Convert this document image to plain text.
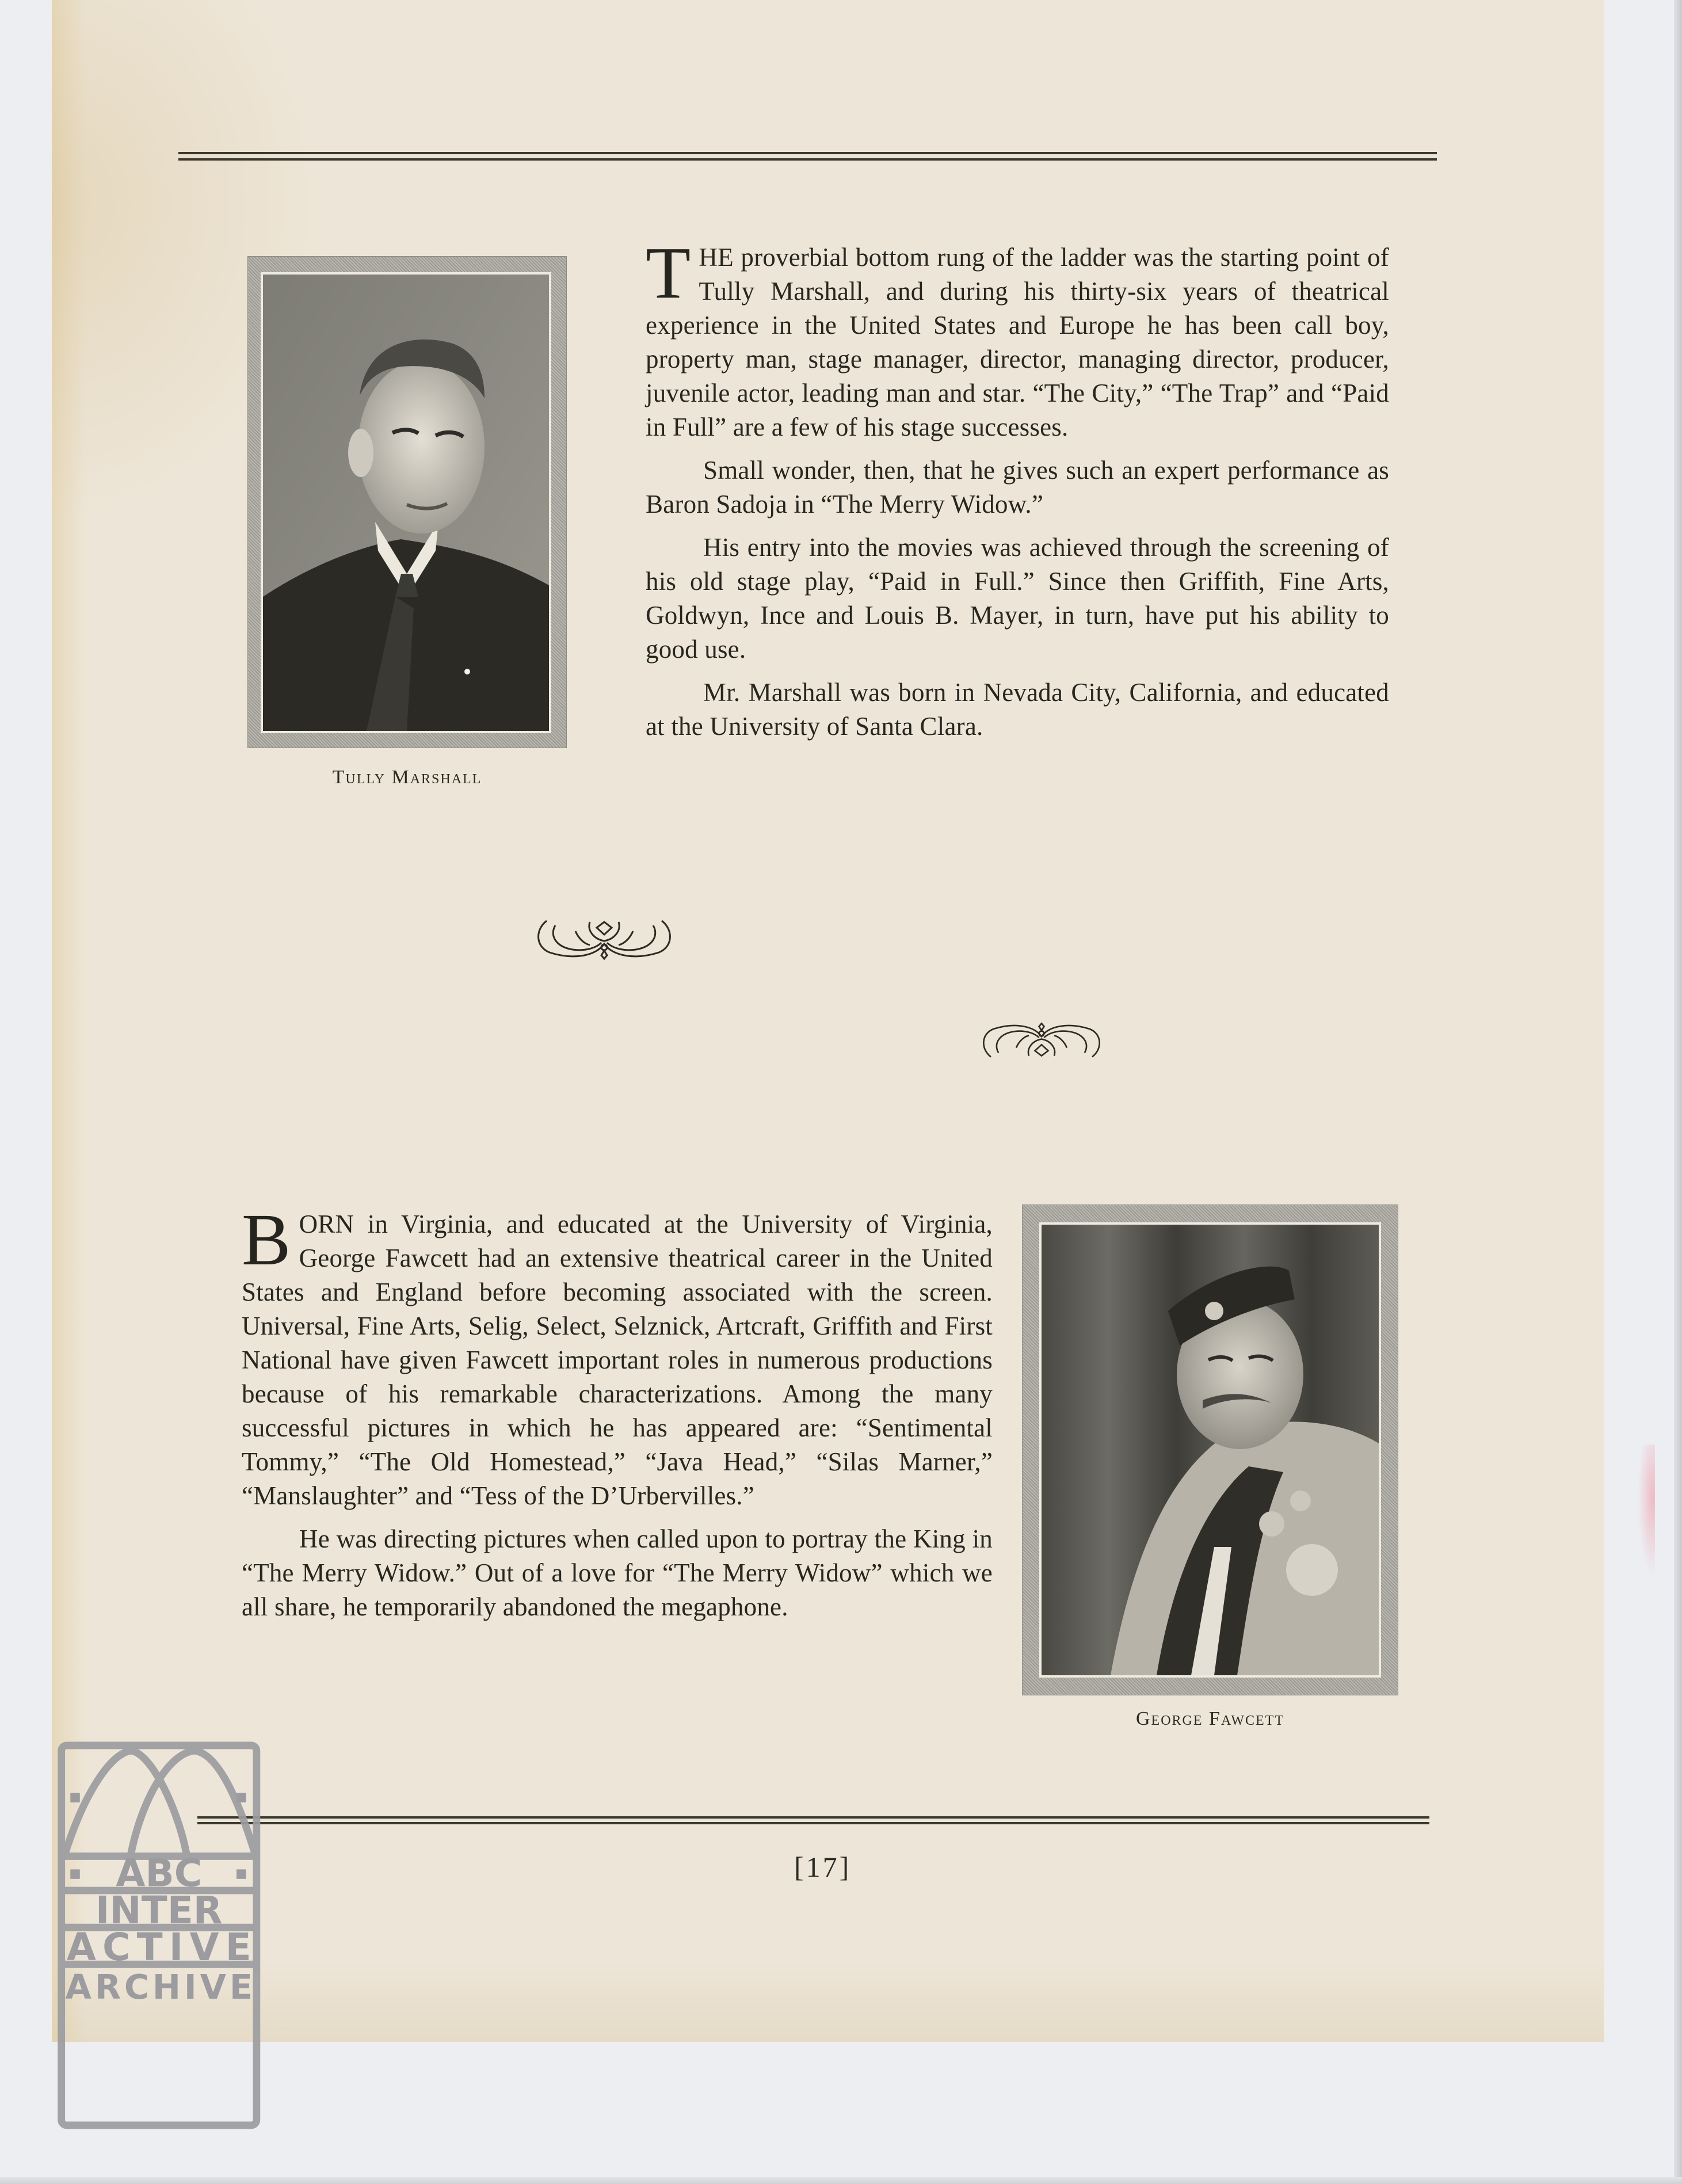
Tully Marshall

THE proverbial bottom rung of the ladder was the starting point of Tully Marshall, and during his thirty-six years of theatrical experience in the United States and Europe he has been call boy, property man, stage manager, director, managing director, producer, juvenile actor, leading man and star. “The City,” “The Trap” and “Paid in Full” are a few of his stage successes.

Small wonder, then, that he gives such an expert performance as Baron Sadoja in “The Merry Widow.”

His entry into the movies was achieved through the screening of his old stage play, “Paid in Full.” Since then Griffith, Fine Arts, Goldwyn, Ince and Louis B. Mayer, in turn, have put his ability to good use.

Mr. Marshall was born in Nevada City, California, and educated at the University of Santa Clara.

BORN in Virginia, and educated at the University of Virginia, George Fawcett had an extensive theatrical career in the United States and England before becoming associated with the screen. Universal, Fine Arts, Selig, Select, Selznick, Artcraft, Griffith and First National have given Fawcett important roles in numerous productions because of his remarkable characterizations. Among the many successful pictures in which he has appeared are: “Sentimental Tommy,” “The Old Homestead,” “Java Head,” “Silas Marner,” “Manslaughter” and “Tess of the D’Urbervilles.”

He was directing pictures when called upon to portray the King in “The Merry Widow.” Out of a love for “The Merry Widow” which we all share, he temporarily abandoned the megaphone.

George Fawcett
[17]
ABC
INTER
ACTIVE
ARCHIVE
